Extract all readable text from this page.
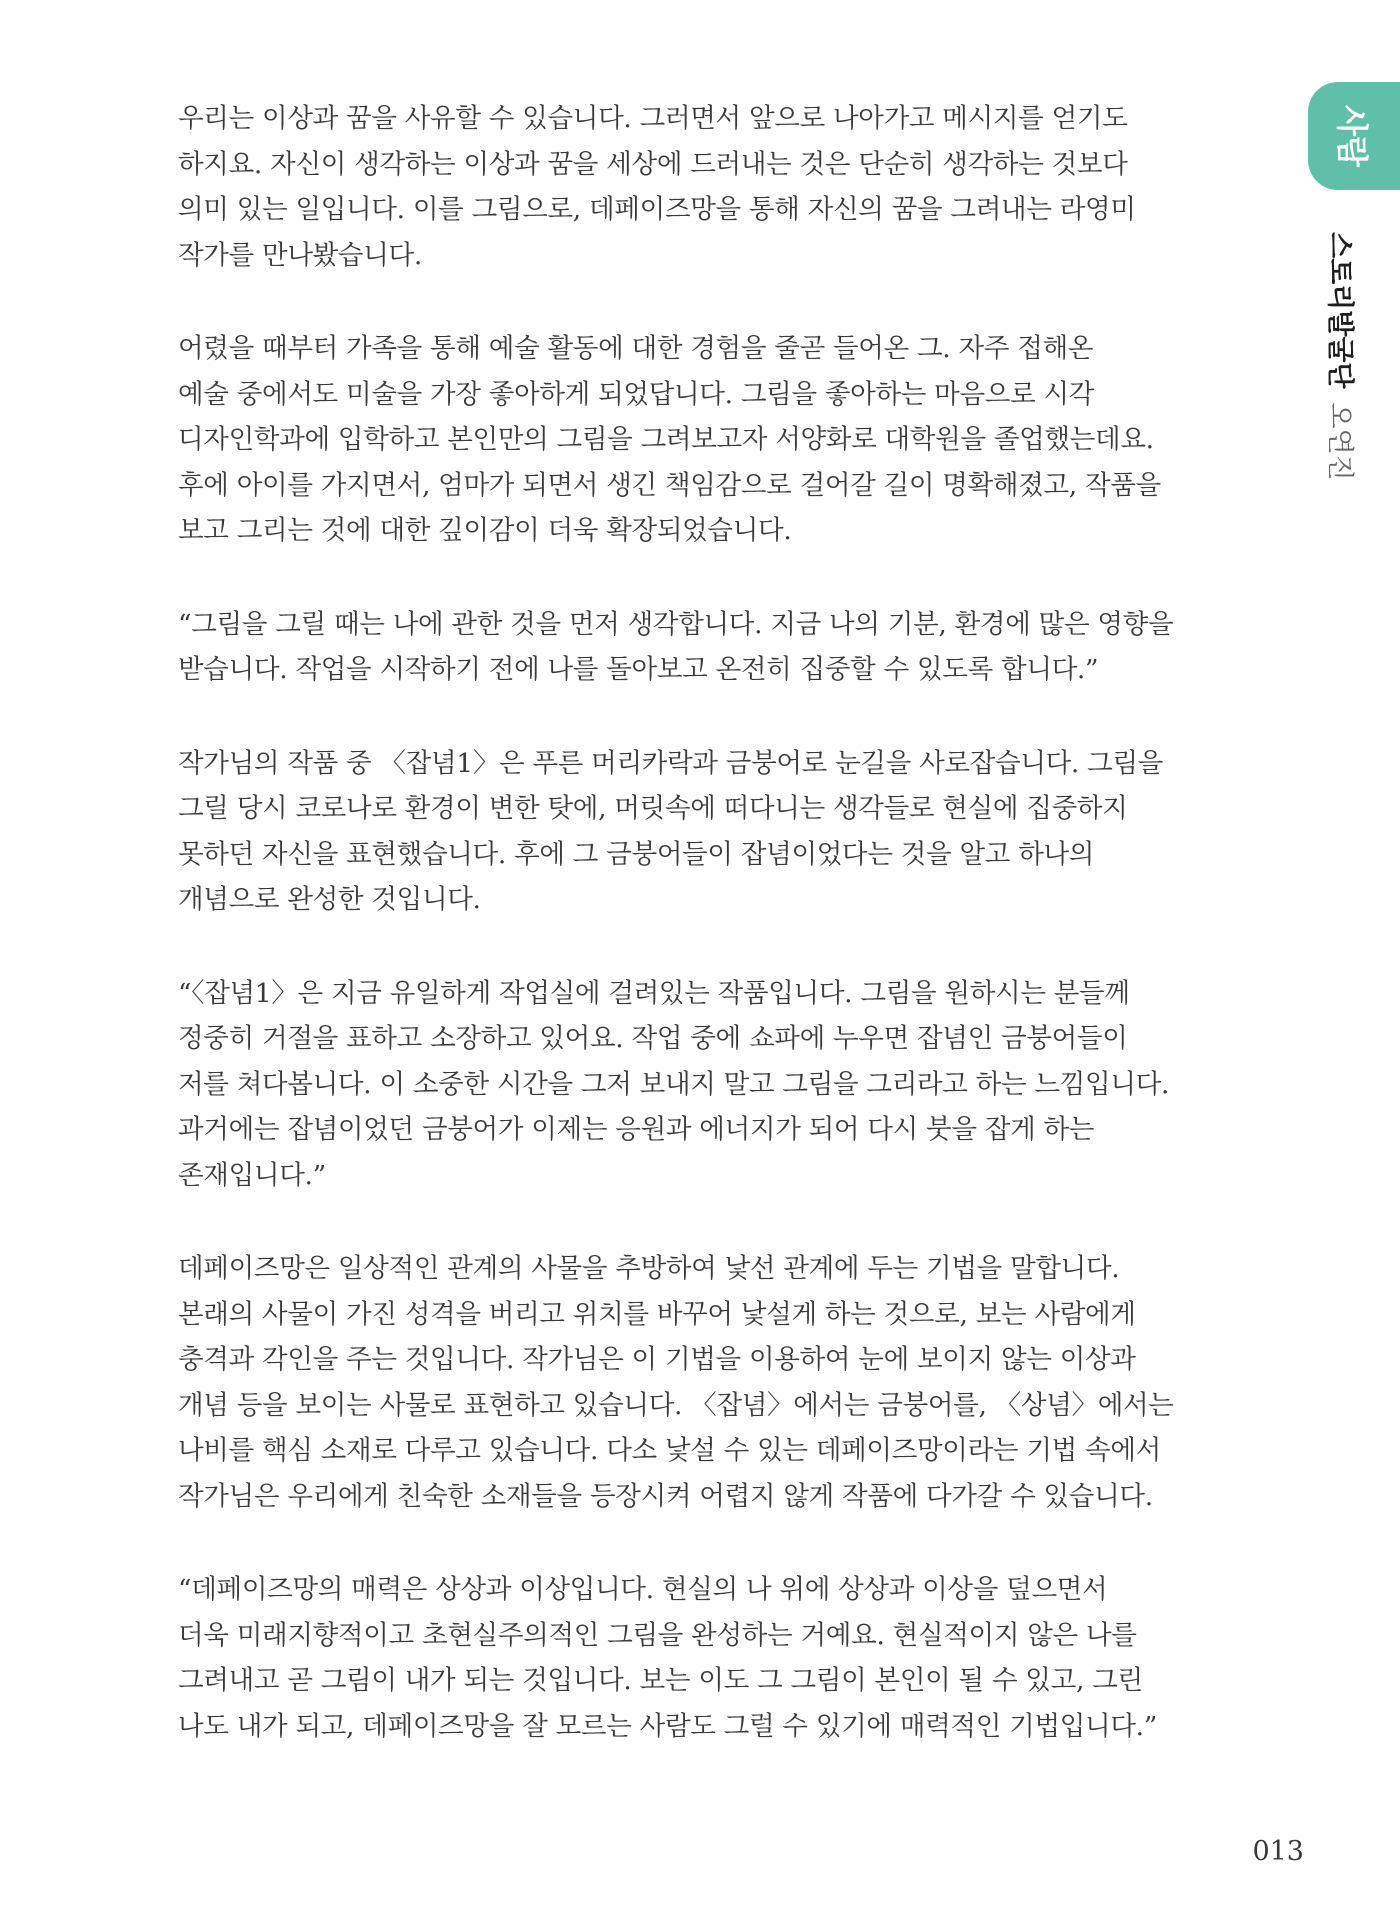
사람
스토리발굴단오연진

우리는 이상과 꿈을 사유할 수 있습니다. 그러면서 앞으로 나아가고 메시지를 얻기도
하지요. 자신이 생각하는 이상과 꿈을 세상에 드러내는 것은 단순히 생각하는 것보다
의미 있는 일입니다. 이를 그림으로, 데페이즈망을 통해 자신의 꿈을 그려내는 라영미
작가를 만나봤습니다.

어렸을 때부터 가족을 통해 예술 활동에 대한 경험을 줄곧 들어온 그. 자주 접해온
예술 중에서도 미술을 가장 좋아하게 되었답니다. 그림을 좋아하는 마음으로 시각
디자인학과에 입학하고 본인만의 그림을 그려보고자 서양화로 대학원을 졸업했는데요.
후에 아이를 가지면서, 엄마가 되면서 생긴 책임감으로 걸어갈 길이 명확해졌고, 작품을
보고 그리는 것에 대한 깊이감이 더욱 확장되었습니다.

“그림을 그릴 때는 나에 관한 것을 먼저 생각합니다. 지금 나의 기분, 환경에 많은 영향을
받습니다. 작업을 시작하기 전에 나를 돌아보고 온전히 집중할 수 있도록 합니다.”

작가님의 작품 중 〈잡념1〉은 푸른 머리카락과 금붕어로 눈길을 사로잡습니다. 그림을
그릴 당시 코로나로 환경이 변한 탓에, 머릿속에 떠다니는 생각들로 현실에 집중하지
못하던 자신을 표현했습니다. 후에 그 금붕어들이 잡념이었다는 것을 알고 하나의
개념으로 완성한 것입니다.

“〈잡념1〉은 지금 유일하게 작업실에 걸려있는 작품입니다. 그림을 원하시는 분들께
정중히 거절을 표하고 소장하고 있어요. 작업 중에 쇼파에 누우면 잡념인 금붕어들이
저를 쳐다봅니다. 이 소중한 시간을 그저 보내지 말고 그림을 그리라고 하는 느낌입니다.
과거에는 잡념이었던 금붕어가 이제는 응원과 에너지가 되어 다시 붓을 잡게 하는
존재입니다.”

데페이즈망은 일상적인 관계의 사물을 추방하여 낯선 관계에 두는 기법을 말합니다.
본래의 사물이 가진 성격을 버리고 위치를 바꾸어 낯설게 하는 것으로, 보는 사람에게
충격과 각인을 주는 것입니다. 작가님은 이 기법을 이용하여 눈에 보이지 않는 이상과
개념 등을 보이는 사물로 표현하고 있습니다. 〈잡념〉에서는 금붕어를, 〈상념〉에서는
나비를 핵심 소재로 다루고 있습니다. 다소 낯설 수 있는 데페이즈망이라는 기법 속에서
작가님은 우리에게 친숙한 소재들을 등장시켜 어렵지 않게 작품에 다가갈 수 있습니다.

“데페이즈망의 매력은 상상과 이상입니다. 현실의 나 위에 상상과 이상을 덮으면서
더욱 미래지향적이고 초현실주의적인 그림을 완성하는 거예요. 현실적이지 않은 나를
그려내고 곧 그림이 내가 되는 것입니다. 보는 이도 그 그림이 본인이 될 수 있고, 그린
나도 내가 되고, 데페이즈망을 잘 모르는 사람도 그럴 수 있기에 매력적인 기법입니다.”

013
